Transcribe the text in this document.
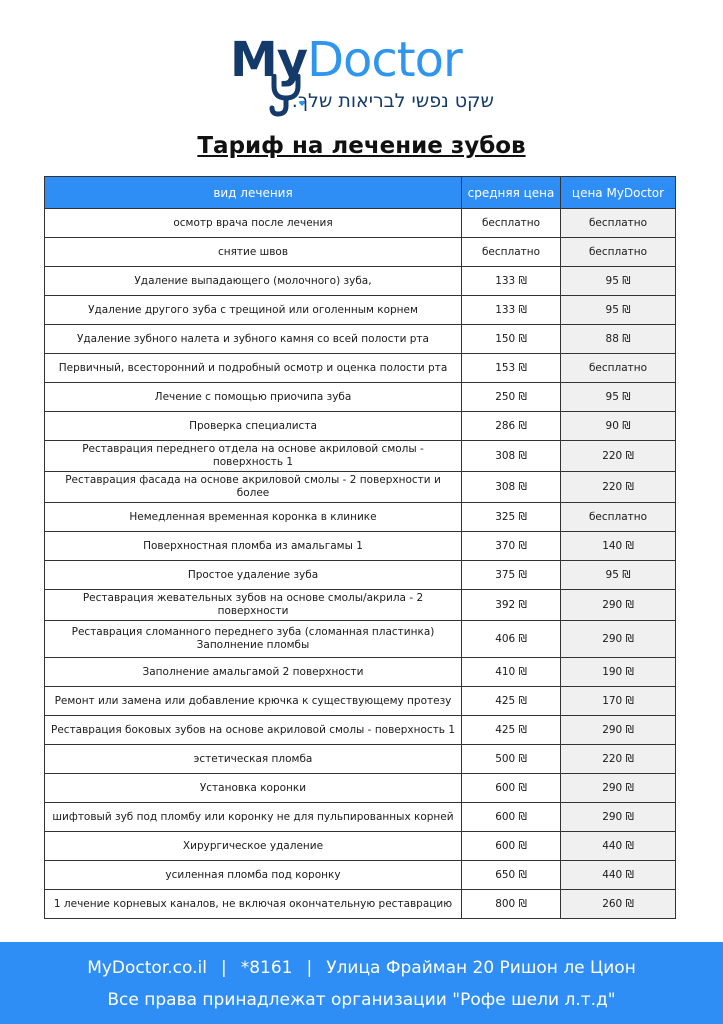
MyDoctor
שקט נפשי לבריאות שלך.
Тариф на лечение зубов
вид лечения	средняя цена	цена MyDoctor
осмотр врача после лечения	бесплатно	бесплатно
снятие швов	бесплатно	бесплатно
Удаление выпадающего (молочного) зуба,	133 ₪	95 ₪
Удаление другого зуба с трещиной или оголенным корнем	133 ₪	95 ₪
Удаление зубного налета и зубного камня со всей полости рта	150 ₪	88 ₪
Первичный, всесторонний и подробный осмотр и оценка полости рта	153 ₪	бесплатно
Лечение с помощью приочипа зуба	250 ₪	95 ₪
Проверка специалиста	286 ₪	90 ₪
Реставрация переднего отдела на основе акриловой смолы - поверхность 1	308 ₪	220 ₪
Реставрация фасада на основе акриловой смолы - 2 поверхности и более	308 ₪	220 ₪
Немедленная временная коронка в клинике	325 ₪	бесплатно
Поверхностная пломба из амальгамы 1	370 ₪	140 ₪
Простое удаление зуба	375 ₪	95 ₪
Реставрация жевательных зубов на основе смолы/акрила - 2 поверхности	392 ₪	290 ₪
Реставрация сломанного переднего зуба (сломанная пластинка) Заполнение пломбы	406 ₪	290 ₪
Заполнение амальгамой 2 поверхности	410 ₪	190 ₪
Ремонт или замена или добавление крючка к существующему протезу	425 ₪	170 ₪
Реставрация боковых зубов на основе акриловой смолы - поверхность 1	425 ₪	290 ₪
эстетическая пломба	500 ₪	220 ₪
Установка коронки	600 ₪	290 ₪
шифтовый зуб под пломбу или коронку не для пульпированных корней	600 ₪	290 ₪
Хирургическое удаление	600 ₪	440 ₪
усиленная пломба под коронку	650 ₪	440 ₪
1 лечение корневых каналов, не включая окончательную реставрацию	800 ₪	260 ₪
MyDoctor.co.il | *8161 | Улица Фрайман 20 Ришон ле Цион
Все права принадлежат организации "Рофе шели л.т.д"
